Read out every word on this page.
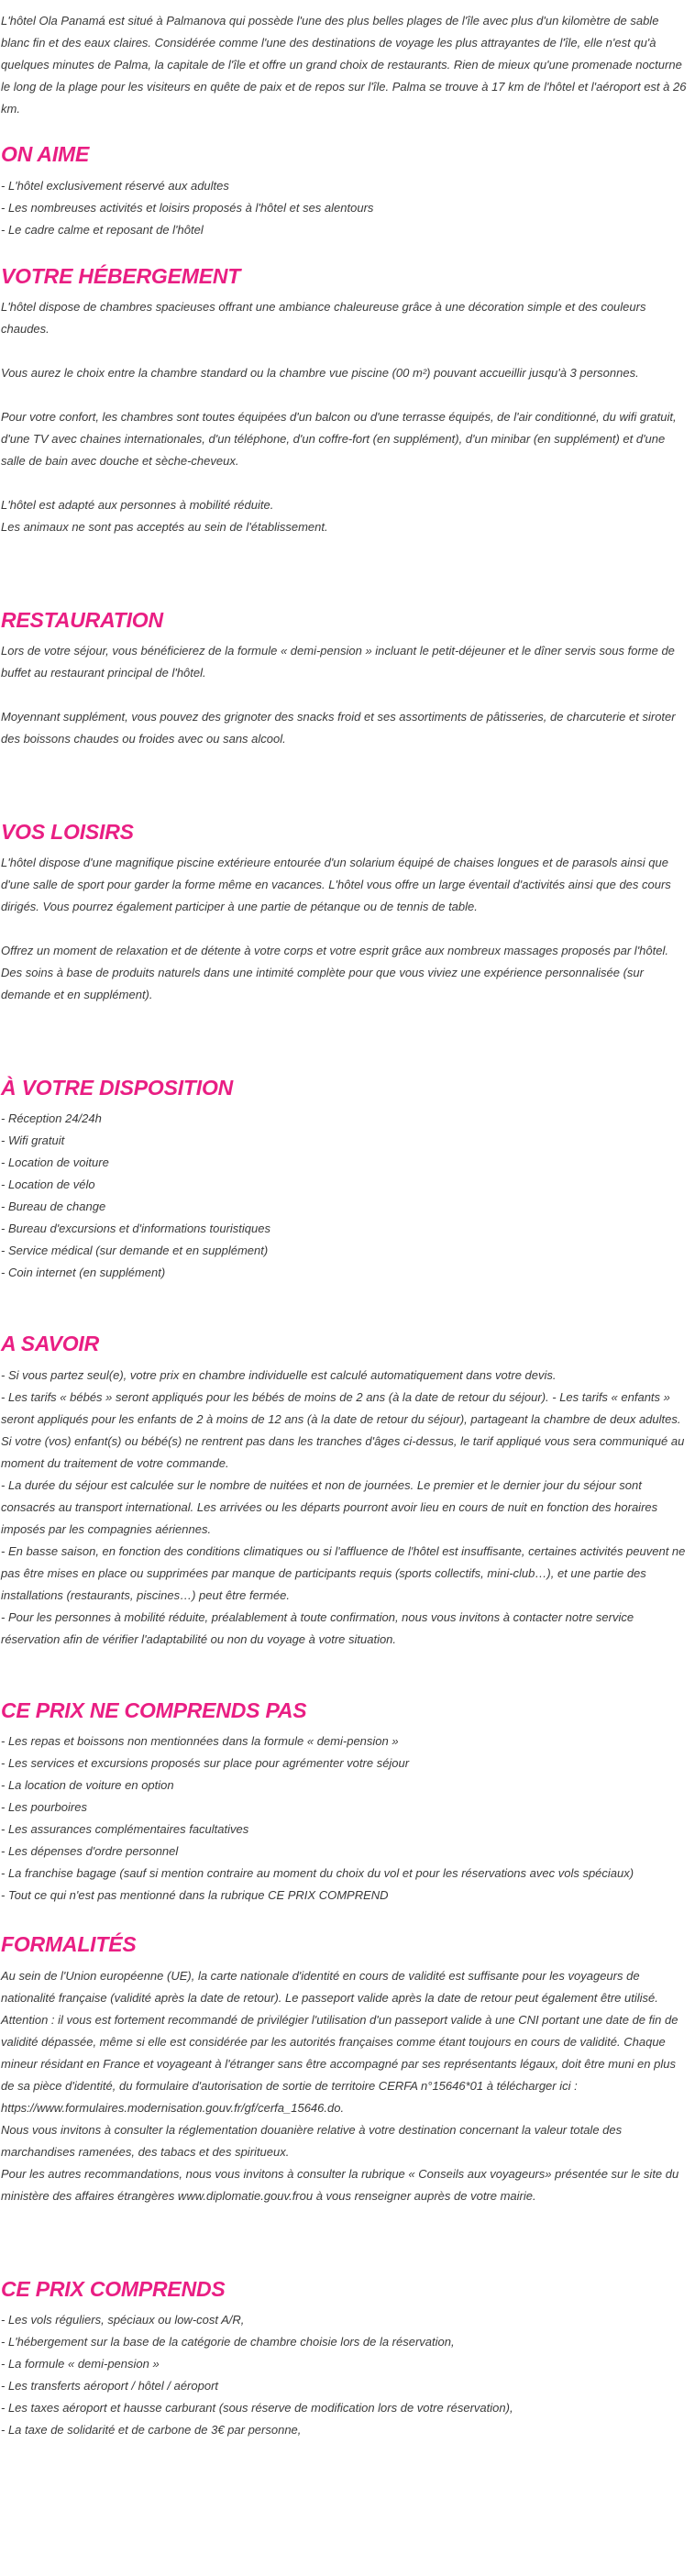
L'hôtel Ola Panamá est situé à Palmanova qui possède l'une des plus belles plages de l'île avec plus d'un kilomètre de sable blanc fin et des eaux claires. Considérée comme l'une des destinations de voyage les plus attrayantes de l'île, elle n'est qu'à quelques minutes de Palma, la capitale de l'île et offre un grand choix de restaurants. Rien de mieux qu'une promenade nocturne le long de la plage pour les visiteurs en quête de paix et de repos sur l'île. Palma se trouve à 17 km de l'hôtel et l'aéroport est à 26 km.

ON AIME
- L'hôtel exclusivement réservé aux adultes
- Les nombreuses activités et loisirs proposés à l'hôtel et ses alentours
- Le cadre calme et reposant de l'hôtel
VOTRE HÉBERGEMENT

L'hôtel dispose de chambres spacieuses offrant une ambiance chaleureuse grâce à une décoration simple et des couleurs chaudes.

Vous aurez le choix entre la chambre standard ou la chambre vue piscine (00 m²) pouvant accueillir jusqu'à 3 personnes.

Pour votre confort, les chambres sont toutes équipées d'un balcon ou d'une terrasse équipés, de l'air conditionné, du wifi gratuit, d'une TV avec chaines internationales, d'un téléphone, d'un coffre-fort (en supplément), d'un minibar (en supplément) et d'une salle de bain avec douche et sèche-cheveux.

L'hôtel est adapté aux personnes à mobilité réduite.
Les animaux ne sont pas acceptés au sein de l'établissement.

RESTAURATION

Lors de votre séjour, vous bénéficierez de la formule « demi-pension » incluant le petit-déjeuner et le dîner servis sous forme de buffet au restaurant principal de l'hôtel.

Moyennant supplément, vous pouvez des grignoter des snacks froid et ses assortiments de pâtisseries, de charcuterie et siroter des boissons chaudes ou froides avec ou sans alcool.

VOS LOISIRS

L'hôtel dispose d'une magnifique piscine extérieure entourée d'un solarium équipé de chaises longues et de parasols ainsi que d'une salle de sport pour garder la forme même en vacances. L'hôtel vous offre un large éventail d'activités ainsi que des cours dirigés. Vous pourrez également participer à une partie de pétanque ou de tennis de table.

Offrez un moment de relaxation et de détente à votre corps et votre esprit grâce aux nombreux massages proposés par l'hôtel. Des soins à base de produits naturels dans une intimité complète pour que vous viviez une expérience personnalisée (sur demande et en supplément).

À VOTRE DISPOSITION
- Réception 24/24h
- Wifi gratuit
- Location de voiture
- Location de vélo
- Bureau de change
- Bureau d'excursions et d'informations touristiques
- Service médical (sur demande et en supplément)
- Coin internet (en supplément)
A SAVOIR

- Si vous partez seul(e), votre prix en chambre individuelle est calculé automatiquement dans votre devis.
- Les tarifs « bébés » seront appliqués pour les bébés de moins de 2 ans (à la date de retour du séjour). - Les tarifs « enfants » seront appliqués pour les enfants de 2 à moins de 12 ans (à la date de retour du séjour), partageant la chambre de deux adultes.
Si votre (vos) enfant(s) ou bébé(s) ne rentrent pas dans les tranches d'âges ci-dessus, le tarif appliqué vous sera communiqué au moment du traitement de votre commande.
- La durée du séjour est calculée sur le nombre de nuitées et non de journées. Le premier et le dernier jour du séjour sont consacrés au transport international. Les arrivées ou les départs pourront avoir lieu en cours de nuit en fonction des horaires imposés par les compagnies aériennes.
- En basse saison, en fonction des conditions climatiques ou si l'affluence de l'hôtel est insuffisante, certaines activités peuvent ne pas être mises en place ou supprimées par manque de participants requis (sports collectifs, mini-club…), et une partie des installations (restaurants, piscines…) peut être fermée.
- Pour les personnes à mobilité réduite, préalablement à toute confirmation, nous vous invitons à contacter notre service réservation afin de vérifier l'adaptabilité ou non du voyage à votre situation.

CE PRIX NE COMPRENDS PAS
- Les repas et boissons non mentionnées dans la formule « demi-pension »
- Les services et excursions proposés sur place pour agrémenter votre séjour
- La location de voiture en option
- Les pourboires
- Les assurances complémentaires facultatives
- Les dépenses d'ordre personnel
- La franchise bagage (sauf si mention contraire au moment du choix du vol et pour les réservations avec vols spéciaux)
- Tout ce qui n'est pas mentionné dans la rubrique CE PRIX COMPREND
FORMALITÉS

Au sein de l'Union européenne (UE), la carte nationale d'identité en cours de validité est suffisante pour les voyageurs de nationalité française (validité après la date de retour). Le passeport valide après la date de retour peut également être utilisé. Attention : il vous est fortement recommandé de privilégier l'utilisation d'un passeport valide à une CNI portant une date de fin de validité dépassée, même si elle est considérée par les autorités françaises comme étant toujours en cours de validité. Chaque mineur résidant en France et voyageant à l'étranger sans être accompagné par ses représentants légaux, doit être muni en plus de sa pièce d'identité, du formulaire d'autorisation de sortie de territoire CERFA n°15646*01 à télécharger ici :
https://www.formulaires.modernisation.gouv.fr/gf/cerfa_15646.do.
Nous vous invitons à consulter la réglementation douanière relative à votre destination concernant la valeur totale des marchandises ramenées, des tabacs et des spiritueux.
Pour les autres recommandations, nous vous invitons à consulter la rubrique « Conseils aux voyageurs» présentée sur le site du ministère des affaires étrangères www.diplomatie.gouv.frou à vous renseigner auprès de votre mairie.

CE PRIX COMPRENDS
- Les vols réguliers, spéciaux ou low-cost A/R,
- L'hébergement sur la base de la catégorie de chambre choisie lors de la réservation,
- La formule « demi-pension »
- Les transferts aéroport / hôtel / aéroport
- Les taxes aéroport et hausse carburant (sous réserve de modification lors de votre réservation),
- La taxe de solidarité et de carbone de 3€ par personne,
